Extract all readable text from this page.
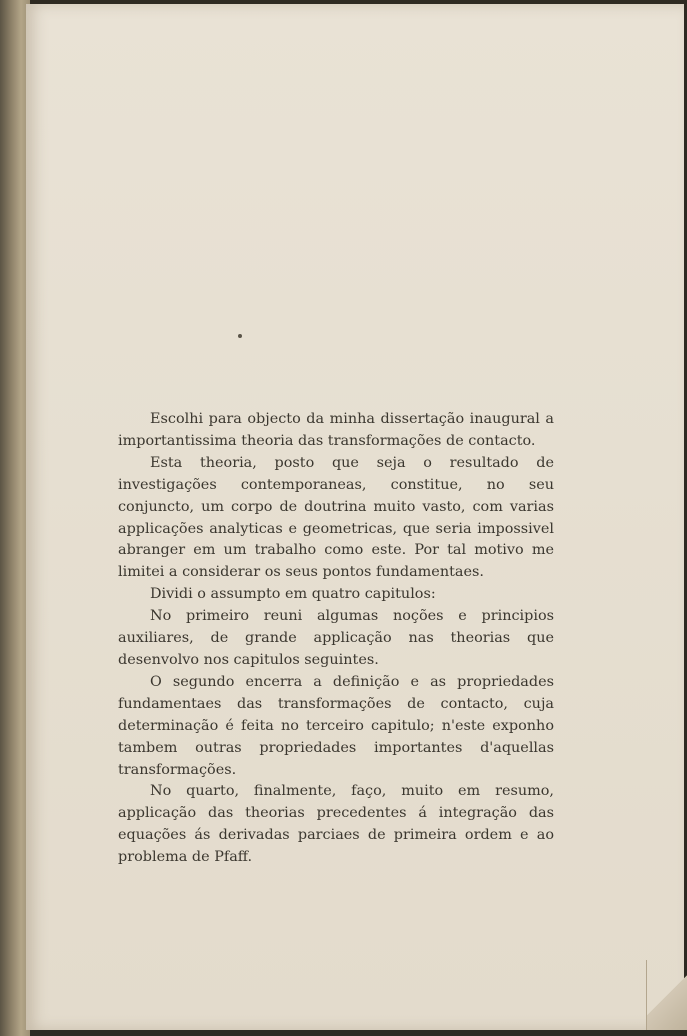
Escolhi para objecto da minha dissertação inaugural a importantissima theoria das transformações de contacto.

Esta theoria, posto que seja o resultado de investigações contemporaneas, constitue, no seu conjuncto, um corpo de doutrina muito vasto, com varias applicações analyticas e geometricas, que seria impossivel abranger em um trabalho como este. Por tal motivo me limitei a considerar os seus pontos fundamentaes.

Dividi o assumpto em quatro capitulos:

No primeiro reuni algumas noções e principios auxiliares, de grande applicação nas theorias que desenvolvo nos capitulos seguintes.

O segundo encerra a definição e as propriedades fundamentaes das transformações de contacto, cuja determinação é feita no terceiro capitulo; n'este exponho tambem outras propriedades importantes d'aquellas transformações.

No quarto, finalmente, faço, muito em resumo, applicação das theorias precedentes á integração das equações ás derivadas parciaes de primeira ordem e ao problema de Pfaff.
